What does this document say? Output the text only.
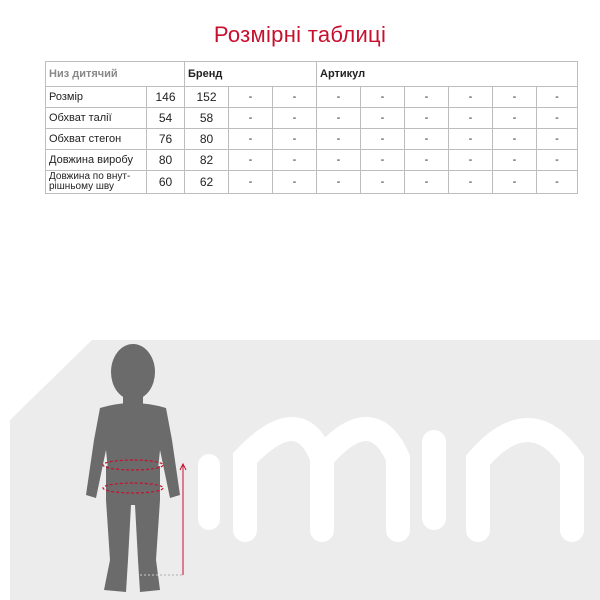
Розмірні таблиці
Низ дитячий		Бренд			Артикул					
Розмір	146	152	-	-	-	-	-	-	-	-
Обхват талії	54	58	-	-	-	-	-	-	-	-
Обхват стегон	76	80	-	-	-	-	-	-	-	-
Довжина виробу	80	82	-	-	-	-	-	-	-	-
Довжина по внут-
рішньому шву	60	62	-	-	-	-	-	-	-	-
